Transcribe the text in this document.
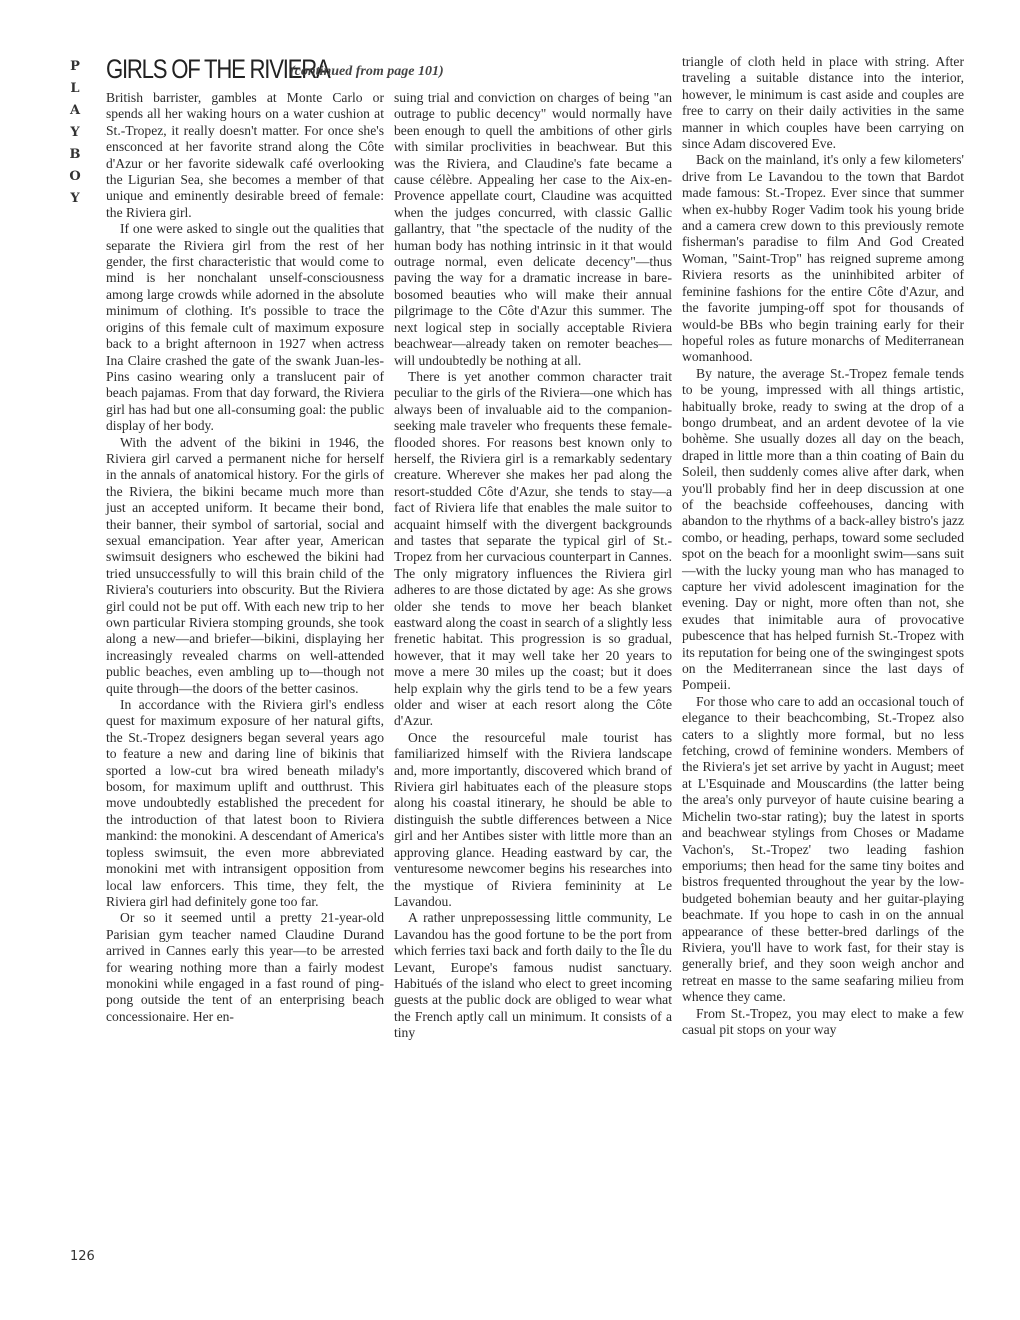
P
L
A
Y
B
O
Y
GIRLS OF THE RIVIERA
(continued from page 101)

British barrister, gambles at Monte Carlo or spends all her waking hours on a water cushion at St.-Tropez, it really doesn't matter. For once she's ensconced at her favorite strand along the Côte d'Azur or her favorite sidewalk café overlooking the Ligurian Sea, she becomes a member of that unique and eminently desirable breed of female: the Riviera girl.

If one were asked to single out the qualities that separate the Riviera girl from the rest of her gender, the first characteristic that would come to mind is her nonchalant unself-consciousness among large crowds while adorned in the absolute minimum of clothing. It's possible to trace the origins of this female cult of maximum exposure back to a bright afternoon in 1927 when actress Ina Claire crashed the gate of the swank Juan-les-Pins casino wearing only a translucent pair of beach pajamas. From that day forward, the Riviera girl has had but one all-consuming goal: the public display of her body.

With the advent of the bikini in 1946, the Riviera girl carved a permanent niche for herself in the annals of anatomical history. For the girls of the Riviera, the bikini became much more than just an accepted uniform. It became their bond, their banner, their symbol of sartorial, social and sexual emancipation. Year after year, American swimsuit designers who eschewed the bikini had tried unsuccessfully to will this brain child of the Riviera's couturiers into obscurity. But the Riviera girl could not be put off. With each new trip to her own particular Riviera stomping grounds, she took along a new—and briefer—bikini, displaying her increasingly revealed charms on well-attended public beaches, even ambling up to—though not quite through—the doors of the better casinos.

In accordance with the Riviera girl's endless quest for maximum exposure of her natural gifts, the St.-Tropez designers began several years ago to feature a new and daring line of bikinis that sported a low-cut bra wired beneath milady's bosom, for maximum uplift and outthrust. This move undoubtedly established the precedent for the introduction of that latest boon to Riviera mankind: the monokini. A descendant of America's topless swimsuit, the even more abbreviated monokini met with intransigent opposition from local law enforcers. This time, they felt, the Riviera girl had definitely gone too far.

Or so it seemed until a pretty 21-year-old Parisian gym teacher named Claudine Durand arrived in Cannes early this year—to be arrested for wearing nothing more than a fairly modest monokini while engaged in a fast round of ping-pong outside the tent of an enterprising beach concessionaire. Her en-

suing trial and conviction on charges of being "an outrage to public decency" would normally have been enough to quell the ambitions of other girls with similar proclivities in beachwear. But this was the Riviera, and Claudine's fate became a cause célèbre. Appealing her case to the Aix-en-Provence appellate court, Claudine was acquitted when the judges concurred, with classic Gallic gallantry, that "the spectacle of the nudity of the human body has nothing intrinsic in it that would outrage normal, even delicate decency"—thus paving the way for a dramatic increase in bare-bosomed beauties who will make their annual pilgrimage to the Côte d'Azur this summer. The next logical step in socially acceptable Riviera beachwear—already taken on remoter beaches—will undoubtedly be nothing at all.

There is yet another common character trait peculiar to the girls of the Riviera—one which has always been of invaluable aid to the companion-seeking male traveler who frequents these female-flooded shores. For reasons best known only to herself, the Riviera girl is a remarkably sedentary creature. Wherever she makes her pad along the resort-studded Côte d'Azur, she tends to stay—a fact of Riviera life that enables the male suitor to acquaint himself with the divergent backgrounds and tastes that separate the typical girl of St.-Tropez from her curvacious counterpart in Cannes. The only migratory influences the Riviera girl adheres to are those dictated by age: As she grows older she tends to move her beach blanket eastward along the coast in search of a slightly less frenetic habitat. This progression is so gradual, however, that it may well take her 20 years to move a mere 30 miles up the coast; but it does help explain why the girls tend to be a few years older and wiser at each resort along the Côte d'Azur.

Once the resourceful male tourist has familiarized himself with the Riviera landscape and, more importantly, discovered which brand of Riviera girl habituates each of the pleasure stops along his coastal itinerary, he should be able to distinguish the subtle differences between a Nice girl and her Antibes sister with little more than an approving glance. Heading eastward by car, the venturesome newcomer begins his researches into the mystique of Riviera femininity at Le Lavandou.

A rather unprepossessing little community, Le Lavandou has the good fortune to be the port from which ferries taxi back and forth daily to the Île du Levant, Europe's famous nudist sanctuary. Habitués of the island who elect to greet incoming guests at the public dock are obliged to wear what the French aptly call un minimum. It consists of a tiny

triangle of cloth held in place with string. After traveling a suitable distance into the interior, however, le minimum is cast aside and couples are free to carry on their daily activities in the same manner in which couples have been carrying on since Adam discovered Eve.

Back on the mainland, it's only a few kilometers' drive from Le Lavandou to the town that Bardot made famous: St.-Tropez. Ever since that summer when ex-hubby Roger Vadim took his young bride and a camera crew down to this previously remote fisherman's paradise to film And God Created Woman, "Saint-Trop" has reigned supreme among Riviera resorts as the uninhibited arbiter of feminine fashions for the entire Côte d'Azur, and the favorite jumping-off spot for thousands of would-be BBs who begin training early for their hopeful roles as future monarchs of Mediterranean womanhood.

By nature, the average St.-Tropez female tends to be young, impressed with all things artistic, habitually broke, ready to swing at the drop of a bongo drumbeat, and an ardent devotee of la vie bohème. She usually dozes all day on the beach, draped in little more than a thin coating of Bain du Soleil, then suddenly comes alive after dark, when you'll probably find her in deep discussion at one of the beachside coffeehouses, dancing with abandon to the rhythms of a back-alley bistro's jazz combo, or heading, perhaps, toward some secluded spot on the beach for a moonlight swim—sans suit—with the lucky young man who has managed to capture her vivid adolescent imagination for the evening. Day or night, more often than not, she exudes that inimitable aura of provocative pubescence that has helped furnish St.-Tropez with its reputation for being one of the swingingest spots on the Mediterranean since the last days of Pompeii.

For those who care to add an occasional touch of elegance to their beachcombing, St.-Tropez also caters to a slightly more formal, but no less fetching, crowd of feminine wonders. Members of the Riviera's jet set arrive by yacht in August; meet at L'Esquinade and Mouscardins (the latter being the area's only purveyor of haute cuisine bearing a Michelin two-star rating); buy the latest in sports and beachwear stylings from Choses or Madame Vachon's, St.-Tropez' two leading fashion emporiums; then head for the same tiny boites and bistros frequented throughout the year by the low-budgeted bohemian beauty and her guitar-playing beachmate. If you hope to cash in on the annual appearance of these better-bred darlings of the Riviera, you'll have to work fast, for their stay is generally brief, and they soon weigh anchor and retreat en masse to the same seafaring milieu from whence they came.

From St.-Tropez, you may elect to make a few casual pit stops on your way

126
